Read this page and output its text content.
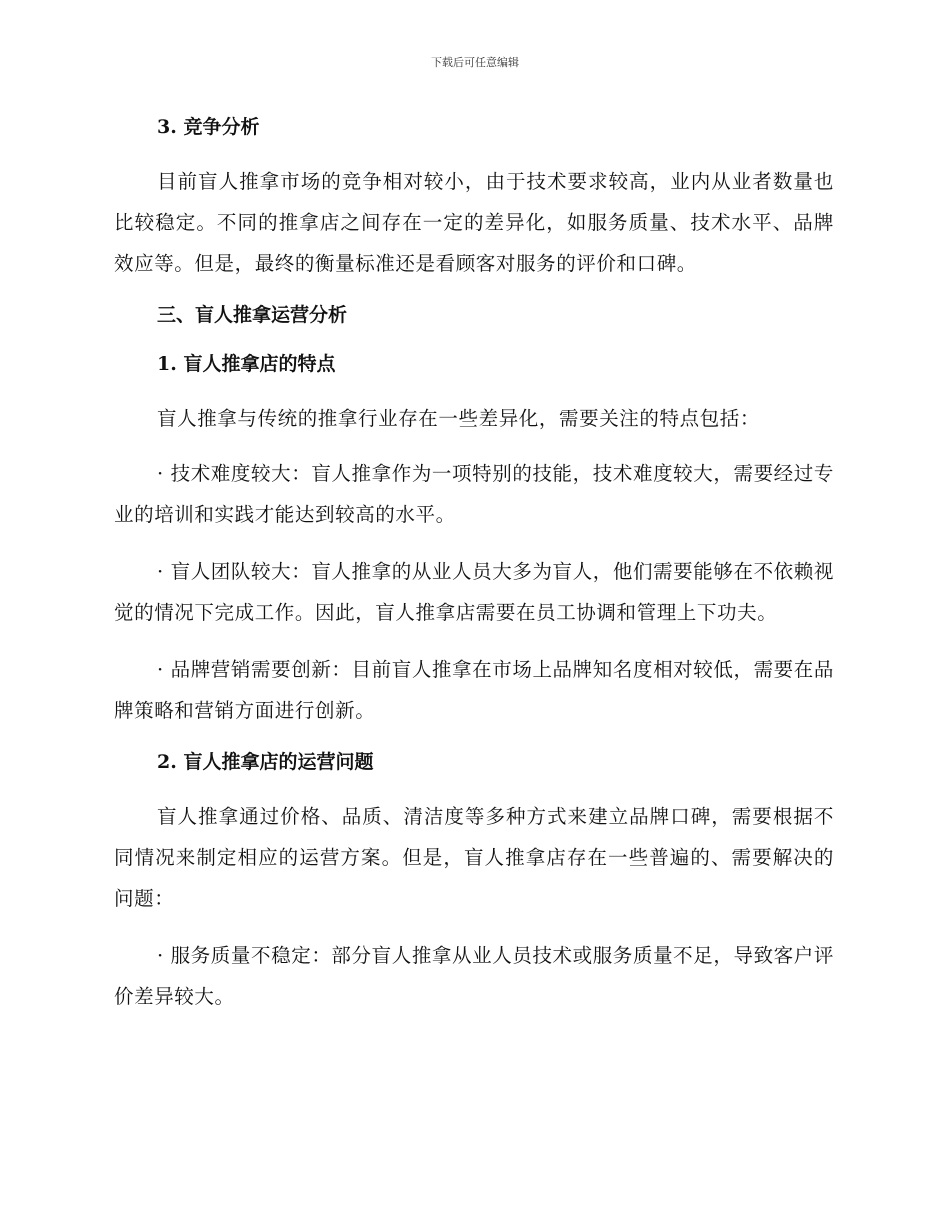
下载后可任意编辑
3. 竞争分析

目前盲人推拿市场的竞争相对较小，由于技术要求较高，业内从业者数量也比较稳定。不同的推拿店之间存在一定的差异化，如服务质量、技术水平、品牌效应等。但是，最终的衡量标准还是看顾客对服务的评价和口碑。

三、盲人推拿运营分析
1. 盲人推拿店的特点

盲人推拿与传统的推拿行业存在一些差异化，需要关注的特点包括：

· 技术难度较大：盲人推拿作为一项特别的技能，技术难度较大，需要经过专业的培训和实践才能达到较高的水平。

· 盲人团队较大：盲人推拿的从业人员大多为盲人，他们需要能够在不依赖视觉的情况下完成工作。因此，盲人推拿店需要在员工协调和管理上下功夫。

· 品牌营销需要创新：目前盲人推拿在市场上品牌知名度相对较低，需要在品牌策略和营销方面进行创新。

2. 盲人推拿店的运营问题

盲人推拿通过价格、品质、清洁度等多种方式来建立品牌口碑，需要根据不同情况来制定相应的运营方案。但是，盲人推拿店存在一些普遍的、需要解决的问题：

· 服务质量不稳定：部分盲人推拿从业人员技术或服务质量不足，导致客户评价差异较大。
